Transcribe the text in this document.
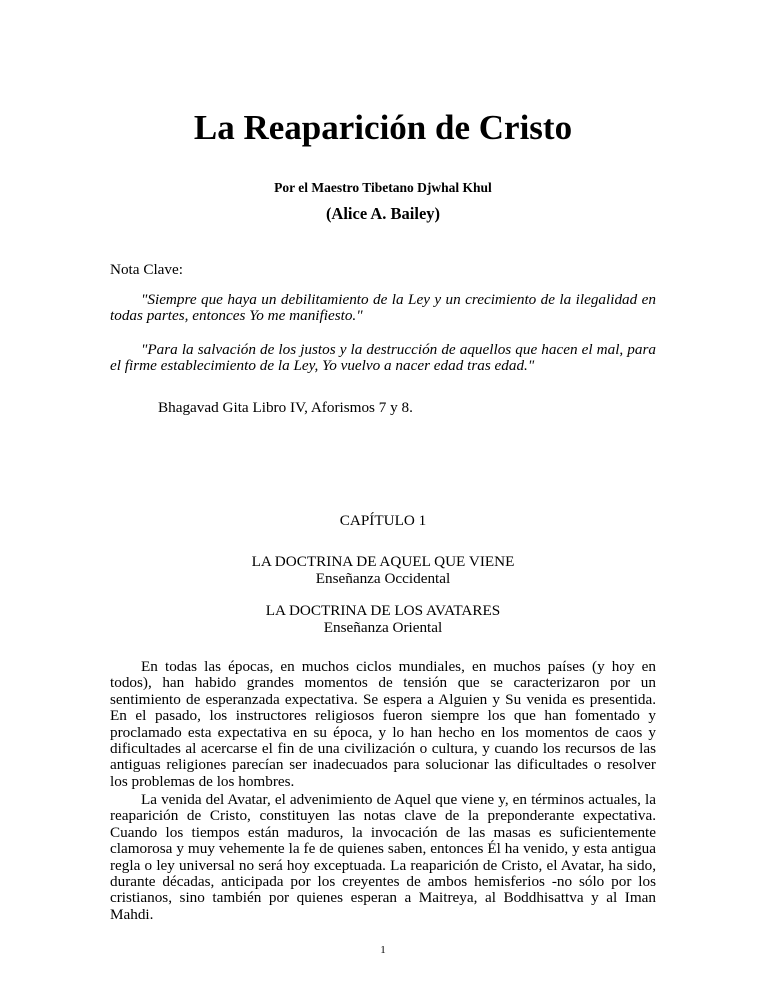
La Reaparición de Cristo
Por el Maestro Tibetano Djwhal Khul
(Alice A. Bailey)
Nota Clave:

"Siempre que haya un debilitamiento de la Ley y un crecimiento de la ilegalidad en todas partes, entonces Yo me manifiesto."

"Para la salvación de los justos y la destrucción de aquellos que hacen el mal, para el firme establecimiento de la Ley, Yo vuelvo a nacer edad tras edad."

Bhagavad Gita Libro IV, Aforismos 7 y 8.
CAPÍTULO 1
LA DOCTRINA DE AQUEL QUE VIENE
Enseñanza Occidental
LA DOCTRINA DE LOS AVATARES
Enseñanza Oriental

En todas las épocas, en muchos ciclos mundiales, en muchos países (y hoy en todos), han habido grandes momentos de tensión que se caracterizaron por un sentimiento de esperanzada expectativa. Se espera a Alguien y Su venida es presentida. En el pasado, los instructores religiosos fueron siempre los que han fomentado y proclamado esta expectativa en su época, y lo han hecho en los momentos de caos y dificultades al acercarse el fin de una civilización o cultura, y cuando los recursos de las antiguas religiones parecían ser inadecuados para solucionar las dificultades o resolver los problemas de los hombres.

La venida del Avatar, el advenimiento de Aquel que viene y, en términos actuales, la reaparición de Cristo, constituyen las notas clave de la preponderante expectativa. Cuando los tiempos están maduros, la invocación de las masas es suficientemente clamorosa y muy vehemente la fe de quienes saben, entonces Él ha venido, y esta antigua regla o ley universal no será hoy exceptuada. La reaparición de Cristo, el Avatar, ha sido, durante décadas, anticipada por los creyentes de ambos hemisferios -no sólo por los cristianos, sino también por quienes esperan a Maitreya, al Boddhisattva y al Iman Mahdi.

1
